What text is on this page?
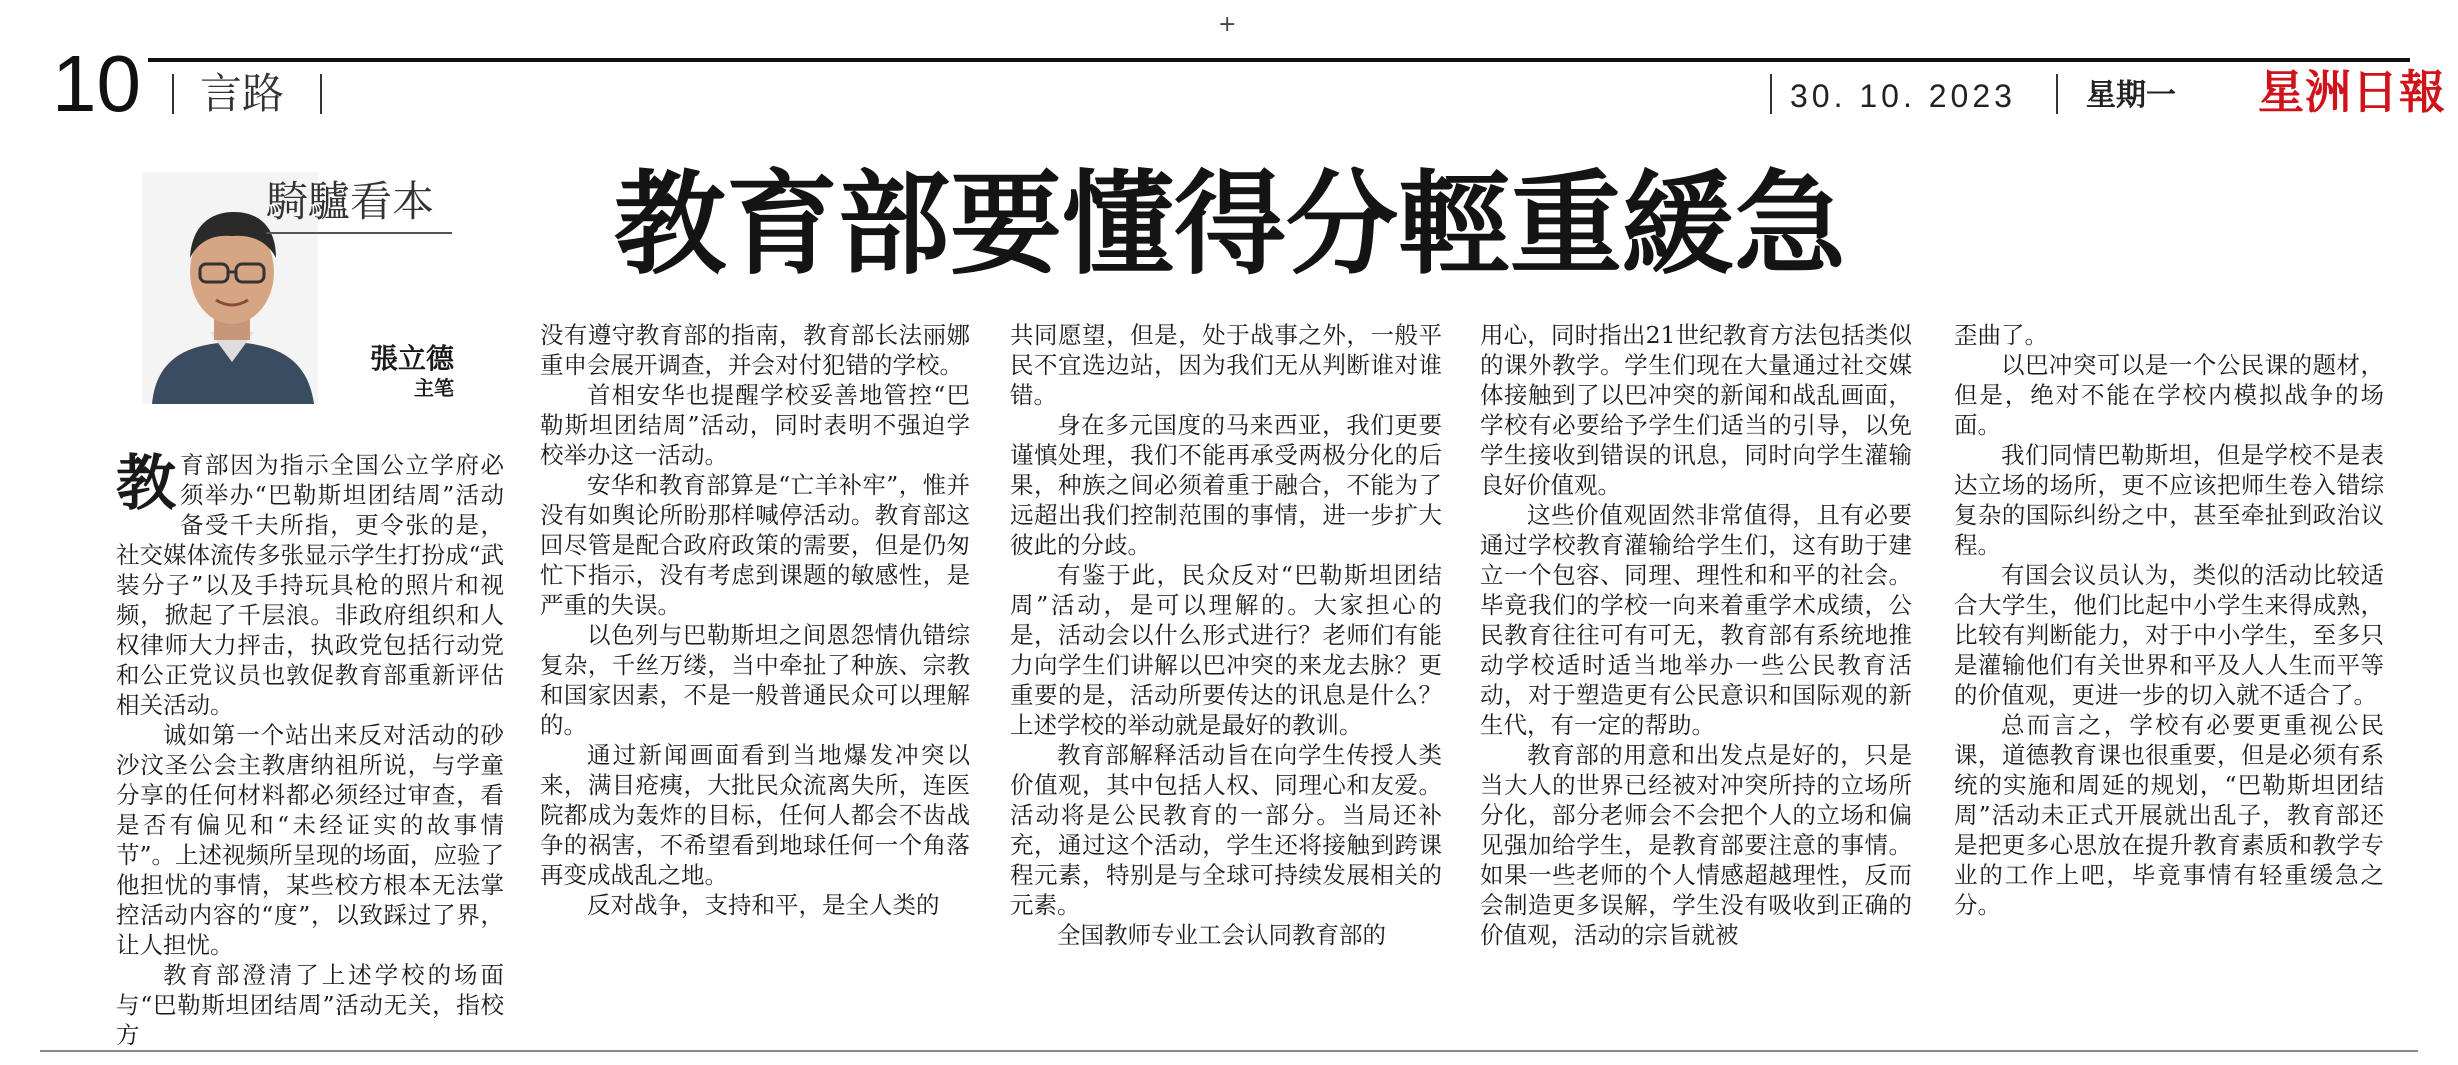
+
10 言路	30. 10. 2023 星期一 星洲日報
騎驢看本
張立德
主笔
教育部要懂得分輕重緩急

教育部因为指示全国公立学府必须举办“巴勒斯坦团结周”活动备受千夫所指，更令张的是，社交媒体流传多张显示学生打扮成“武装分子”以及手持玩具枪的照片和视频，掀起了千层浪。非政府组织和人权律师大力抨击，执政党包括行动党和公正党议员也敦促教育部重新评估相关活动。

诚如第一个站出来反对活动的砂沙汶圣公会主教唐纳祖所说，与学童分享的任何材料都必须经过审查，看是否有偏见和“未经证实的故事情节”。上述视频所呈现的场面，应验了他担忧的事情，某些校方根本无法掌控活动内容的“度”，以致踩过了界，让人担忧。

教育部澄清了上述学校的场面与“巴勒斯坦团结周”活动无关，指校方

没有遵守教育部的指南，教育部长法丽娜重申会展开调查，并会对付犯错的学校。

首相安华也提醒学校妥善地管控“巴勒斯坦团结周”活动，同时表明不强迫学校举办这一活动。

安华和教育部算是“亡羊补牢”，惟并没有如舆论所盼那样喊停活动。教育部这回尽管是配合政府政策的需要，但是仍匆忙下指示，没有考虑到课题的敏感性，是严重的失误。

以色列与巴勒斯坦之间恩怨情仇错综复杂，千丝万缕，当中牵扯了种族、宗教和国家因素，不是一般普通民众可以理解的。

通过新闻画面看到当地爆发冲突以来，满目疮痍，大批民众流离失所，连医院都成为轰炸的目标，任何人都会不齿战争的祸害，不希望看到地球任何一个角落再变成战乱之地。

反对战争，支持和平，是全人类的

共同愿望，但是，处于战事之外，一般平民不宜选边站，因为我们无从判断谁对谁错。

身在多元国度的马来西亚，我们更要谨慎处理，我们不能再承受两极分化的后果，种族之间必须着重于融合，不能为了远超出我们控制范围的事情，进一步扩大彼此的分歧。

有鉴于此，民众反对“巴勒斯坦团结周”活动，是可以理解的。大家担心的是，活动会以什么形式进行？老师们有能力向学生们讲解以巴冲突的来龙去脉？更重要的是，活动所要传达的讯息是什么？上述学校的举动就是最好的教训。

教育部解释活动旨在向学生传授人类价值观，其中包括人权、同理心和友爱。活动将是公民教育的一部分。当局还补充，通过这个活动，学生还将接触到跨课程元素，特别是与全球可持续发展相关的元素。

全国教师专业工会认同教育部的

用心，同时指出21世纪教育方法包括类似的课外教学。学生们现在大量通过社交媒体接触到了以巴冲突的新闻和战乱画面，学校有必要给予学生们适当的引导，以免学生接收到错误的讯息，同时向学生灌输良好价值观。

这些价值观固然非常值得，且有必要通过学校教育灌输给学生们，这有助于建立一个包容、同理、理性和和平的社会。毕竟我们的学校一向来着重学术成绩，公民教育往往可有可无，教育部有系统地推动学校适时适当地举办一些公民教育活动，对于塑造更有公民意识和国际观的新生代，有一定的帮助。

教育部的用意和出发点是好的，只是当大人的世界已经被对冲突所持的立场所分化，部分老师会不会把个人的立场和偏见强加给学生，是教育部要注意的事情。如果一些老师的个人情感超越理性，反而会制造更多误解，学生没有吸收到正确的价值观，活动的宗旨就被

歪曲了。

以巴冲突可以是一个公民课的题材，但是，绝对不能在学校内模拟战争的场面。

我们同情巴勒斯坦，但是学校不是表达立场的场所，更不应该把师生卷入错综复杂的国际纠纷之中，甚至牵扯到政治议程。

有国会议员认为，类似的活动比较适合大学生，他们比起中小学生来得成熟，比较有判断能力，对于中小学生，至多只是灌输他们有关世界和平及人人生而平等的价值观，更进一步的切入就不适合了。

总而言之，学校有必要更重视公民课，道德教育课也很重要，但是必须有系统的实施和周延的规划，“巴勒斯坦团结周”活动未正式开展就出乱子，教育部还是把更多心思放在提升教育素质和教学专业的工作上吧，毕竟事情有轻重缓急之分。
